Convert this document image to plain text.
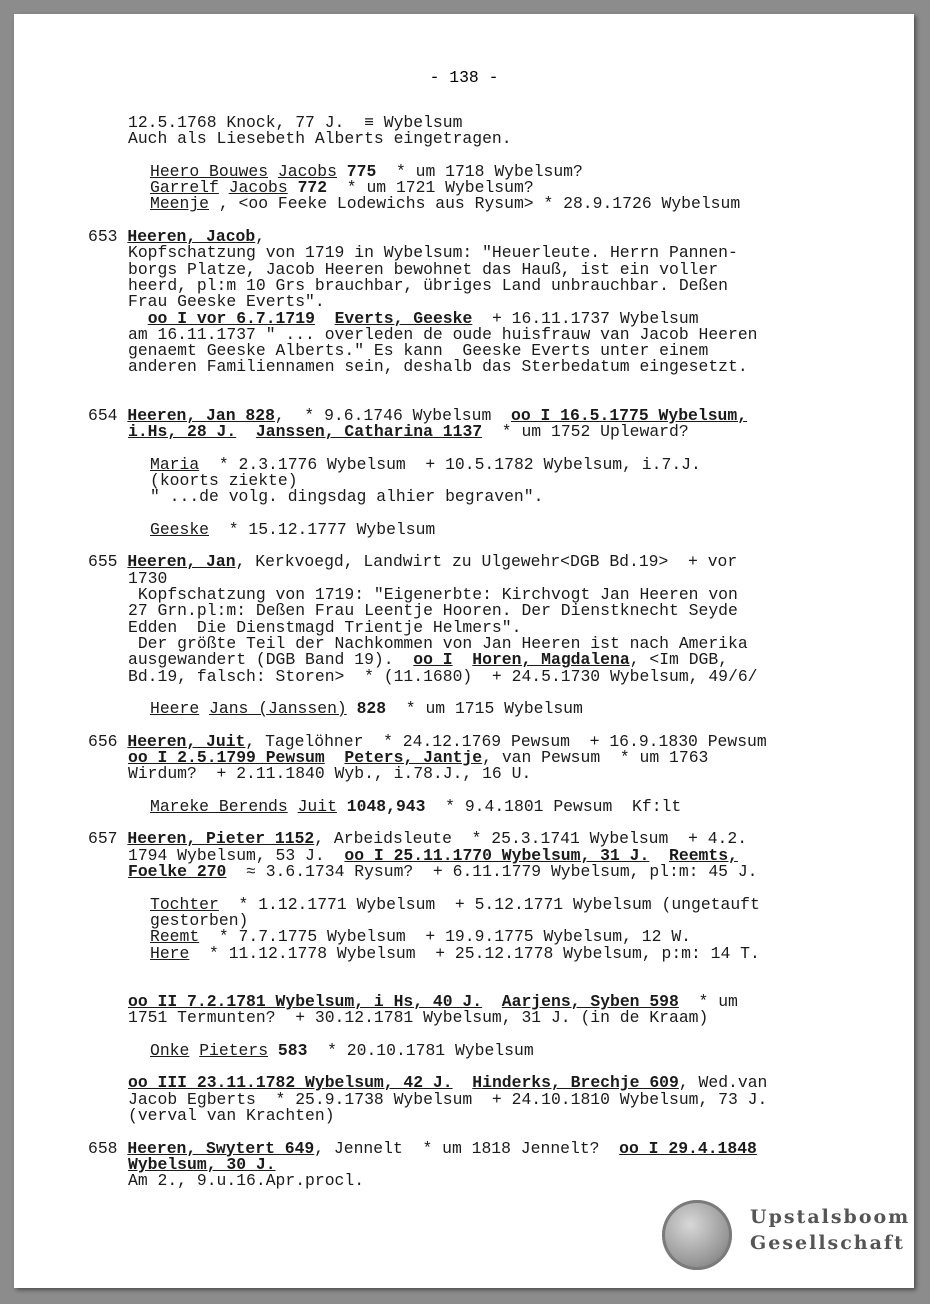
- 138 -
12.5.1768 Knock, 77 J.  ≡ Wybelsum
Auch als Liesebeth Alberts eingetragen.
Heero Bouwes Jacobs 775  * um 1718 Wybelsum?
Garrelf Jacobs 772  * um 1721 Wybelsum?
Meenje , <oo Feeke Lodewichs aus Rysum> * 28.9.1726 Wybelsum
653 Heeren, Jacob,
Kopfschatzung von 1719 in Wybelsum: "Heuerleute. Herrn Pannen-
borgs Platze, Jacob Heeren bewohnet das Hauß, ist ein voller
heerd, pl:m 10 Grs brauchbar, übriges Land unbrauchbar. Deßen
Frau Geeske Everts".
oo I vor 6.7.1719 Everts, Geeske  + 16.11.1737 Wybelsum
am 16.11.1737 " ... overleden de oude huisfrauw van Jacob Heeren
genaemt Geeske Alberts." Es kann  Geeske Everts unter einem
anderen Familiennamen sein, deshalb das Sterbedatum eingesetzt.
654 Heeren, Jan 828,  * 9.6.1746 Wybelsum  oo I 16.5.1775 Wybelsum,
i.Hs, 28 J. Janssen, Catharina 1137  * um 1752 Upleward?
Maria  * 2.3.1776 Wybelsum  + 10.5.1782 Wybelsum, i.7.J.
(koorts ziekte)
" ...de volg. dingsdag alhier begraven".
Geeske  * 15.12.1777 Wybelsum
655 Heeren, Jan, Kerkvoegd, Landwirt zu Ulgewehr<DGB Bd.19>  + vor
1730
Kopfschatzung von 1719: "Eigenerbte: Kirchvogt Jan Heeren von
27 Grn.pl:m: Deßen Frau Leentje Hooren. Der Dienstknecht Seyde
Edden  Die Dienstmagd Trientje Helmers".
Der größte Teil der Nachkommen von Jan Heeren ist nach Amerika
ausgewandert (DGB Band 19).  oo I Horen, Magdalena, <Im DGB,
Bd.19, falsch: Storen>  * (11.1680)  + 24.5.1730 Wybelsum, 49/6/
Heere Jans (Janssen) 828  * um 1715 Wybelsum
656 Heeren, Juit, Tagelöhner  * 24.12.1769 Pewsum  + 16.9.1830 Pewsum
oo I 2.5.1799 Pewsum Peters, Jantje, van Pewsum  * um 1763
Wirdum?  + 2.11.1840 Wyb., i.78.J., 16 U.
Mareke Berends Juit 1048,943  * 9.4.1801 Pewsum  Kf:lt
657 Heeren, Pieter 1152, Arbeidsleute  * 25.3.1741 Wybelsum  + 4.2.
1794 Wybelsum, 53 J.  oo I 25.11.1770 Wybelsum, 31 J. Reemts,
Foelke 270  ≈ 3.6.1734 Rysum?  + 6.11.1779 Wybelsum, pl:m: 45 J.
Tochter  * 1.12.1771 Wybelsum  + 5.12.1771 Wybelsum (ungetauft
gestorben)
Reemt  * 7.7.1775 Wybelsum  + 19.9.1775 Wybelsum, 12 W.
Here  * 11.12.1778 Wybelsum  + 25.12.1778 Wybelsum, p:m: 14 T.
oo II 7.2.1781 Wybelsum, i Hs, 40 J. Aarjens, Syben 598  * um
1751 Termunten?  + 30.12.1781 Wybelsum, 31 J. (in de Kraam)
Onke Pieters 583  * 20.10.1781 Wybelsum
oo III 23.11.1782 Wybelsum, 42 J. Hinderks, Brechje 609, Wed.van
Jacob Egberts  * 25.9.1738 Wybelsum  + 24.10.1810 Wybelsum, 73 J.
(verval van Krachten)
658 Heeren, Swytert 649, Jennelt  * um 1818 Jennelt?  oo I 29.4.1848
Wybelsum, 30 J.
Am 2., 9.u.16.Apr.procl.
Upstalsboom
Gesellschaft
